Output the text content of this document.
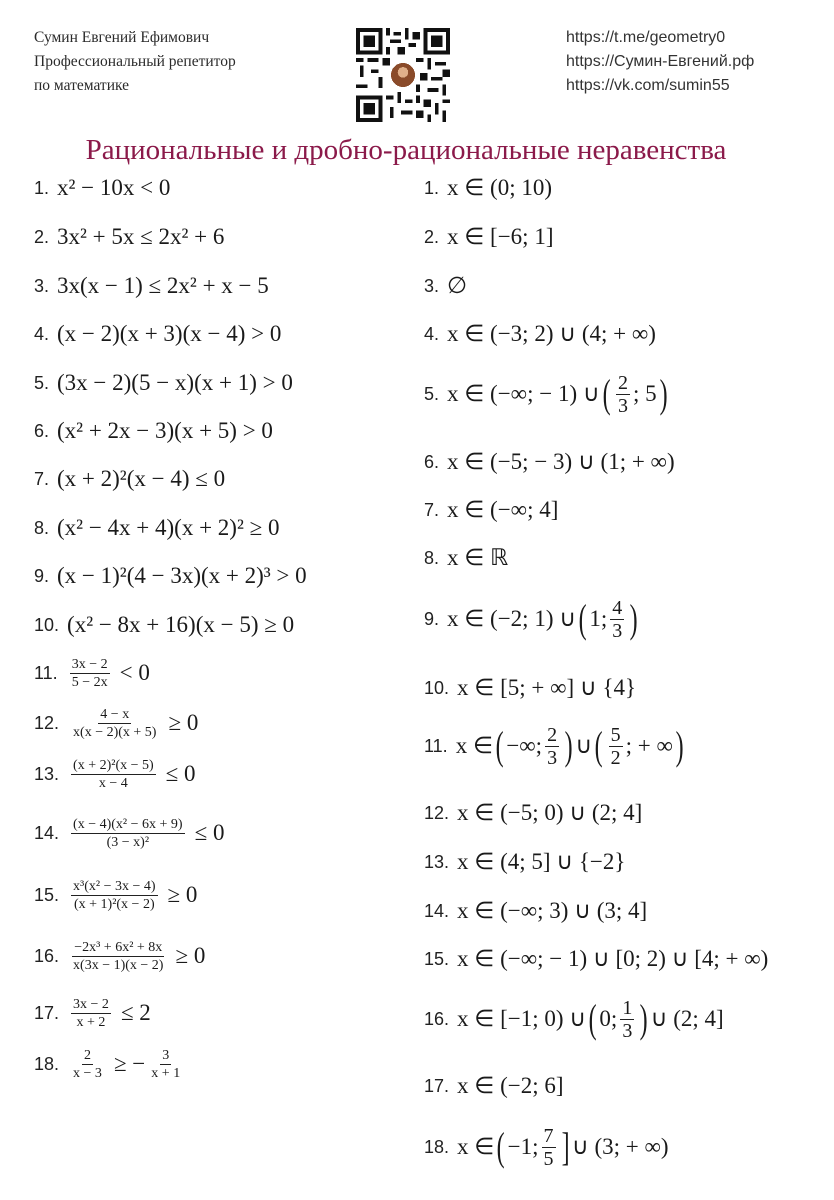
Сумин Евгений Ефимович
Профессиональный репетитор
по математике
https://t.me/geometry0
https://Сумин-Евгений.рф
https://vk.com/sumin55
Рациональные и дробно-рациональные неравенства
1. x² − 10x < 0
2. 3x² + 5x ≤ 2x² + 6
3. 3x(x − 1) ≤ 2x² + x − 5
4. (x − 2)(x + 3)(x − 4) > 0
5. (3x − 2)(5 − x)(x + 1) > 0
6. (x² + 2x − 3)(x + 5) > 0
7. (x + 2)²(x − 4) ≤ 0
8. (x² − 4x + 4)(x + 2)² ≥ 0
9. (x − 1)²(4 − 3x)(x + 2)³ > 0
10. (x² − 8x + 16)(x − 5) ≥ 0
11. $\frac{3x - 2}{5 - 2x} < 0$
12. $\frac{4 - x}{x(x - 2)(x + 5)} \ge 0$
13. $\frac{\text{(x + 2)²(x − 5)}}{x - 4} \le 0$
14. $\frac{\text{(x − 4)(x² − 6x + 9)}}{\text{(3 − x)²}} \le 0$
15. $\frac{\text{x³(x² − 3x − 4)}}{\text{(x + 1)²(x − 2)}} \ge 0$
16. $\frac{\text{−2x³ + 6x² + 8x}}{x(3x - 1)(x - 2)} \ge 0$
17. $\frac{3x - 2}{x + 2} \le 2$
18. $\frac{2}{x - 3}$ ≥ − $\frac{3}{x + 1}$
1. x ∈ (0; 10)
2. x ∈ [−6; 1]
3. ∅
4. x ∈ (−3; 2) ∪ (4; + ∞)
5. x ∈ (−∞; − 1) ∪ ( 2
3 ; 5 )
6. x ∈ (−5; − 3) ∪ (1; + ∞)
7. x ∈ (−∞; 4]
8. x ∈ ℝ
9. x ∈ (−2; 1) ∪ ( 1; 4
3 )
10. x ∈ [5; + ∞] ∪ {4}
11. x ∈ ( −∞; 2
3 ) ∪ ( 5
2 ; + ∞ )
12. x ∈ (−5; 0) ∪ (2; 4]
13. x ∈ (4; 5] ∪ {−2}
14. x ∈ (−∞; 3) ∪ (3; 4]
15. x ∈ (−∞; − 1) ∪ [0; 2) ∪ [4; + ∞)
16. x ∈ [−1; 0) ∪ ( 0; 1
3 ) ∪ (2; 4]
17. x ∈ (−2; 6]
18. x ∈ ( −1; 7
5 ] ∪ (3; + ∞)
